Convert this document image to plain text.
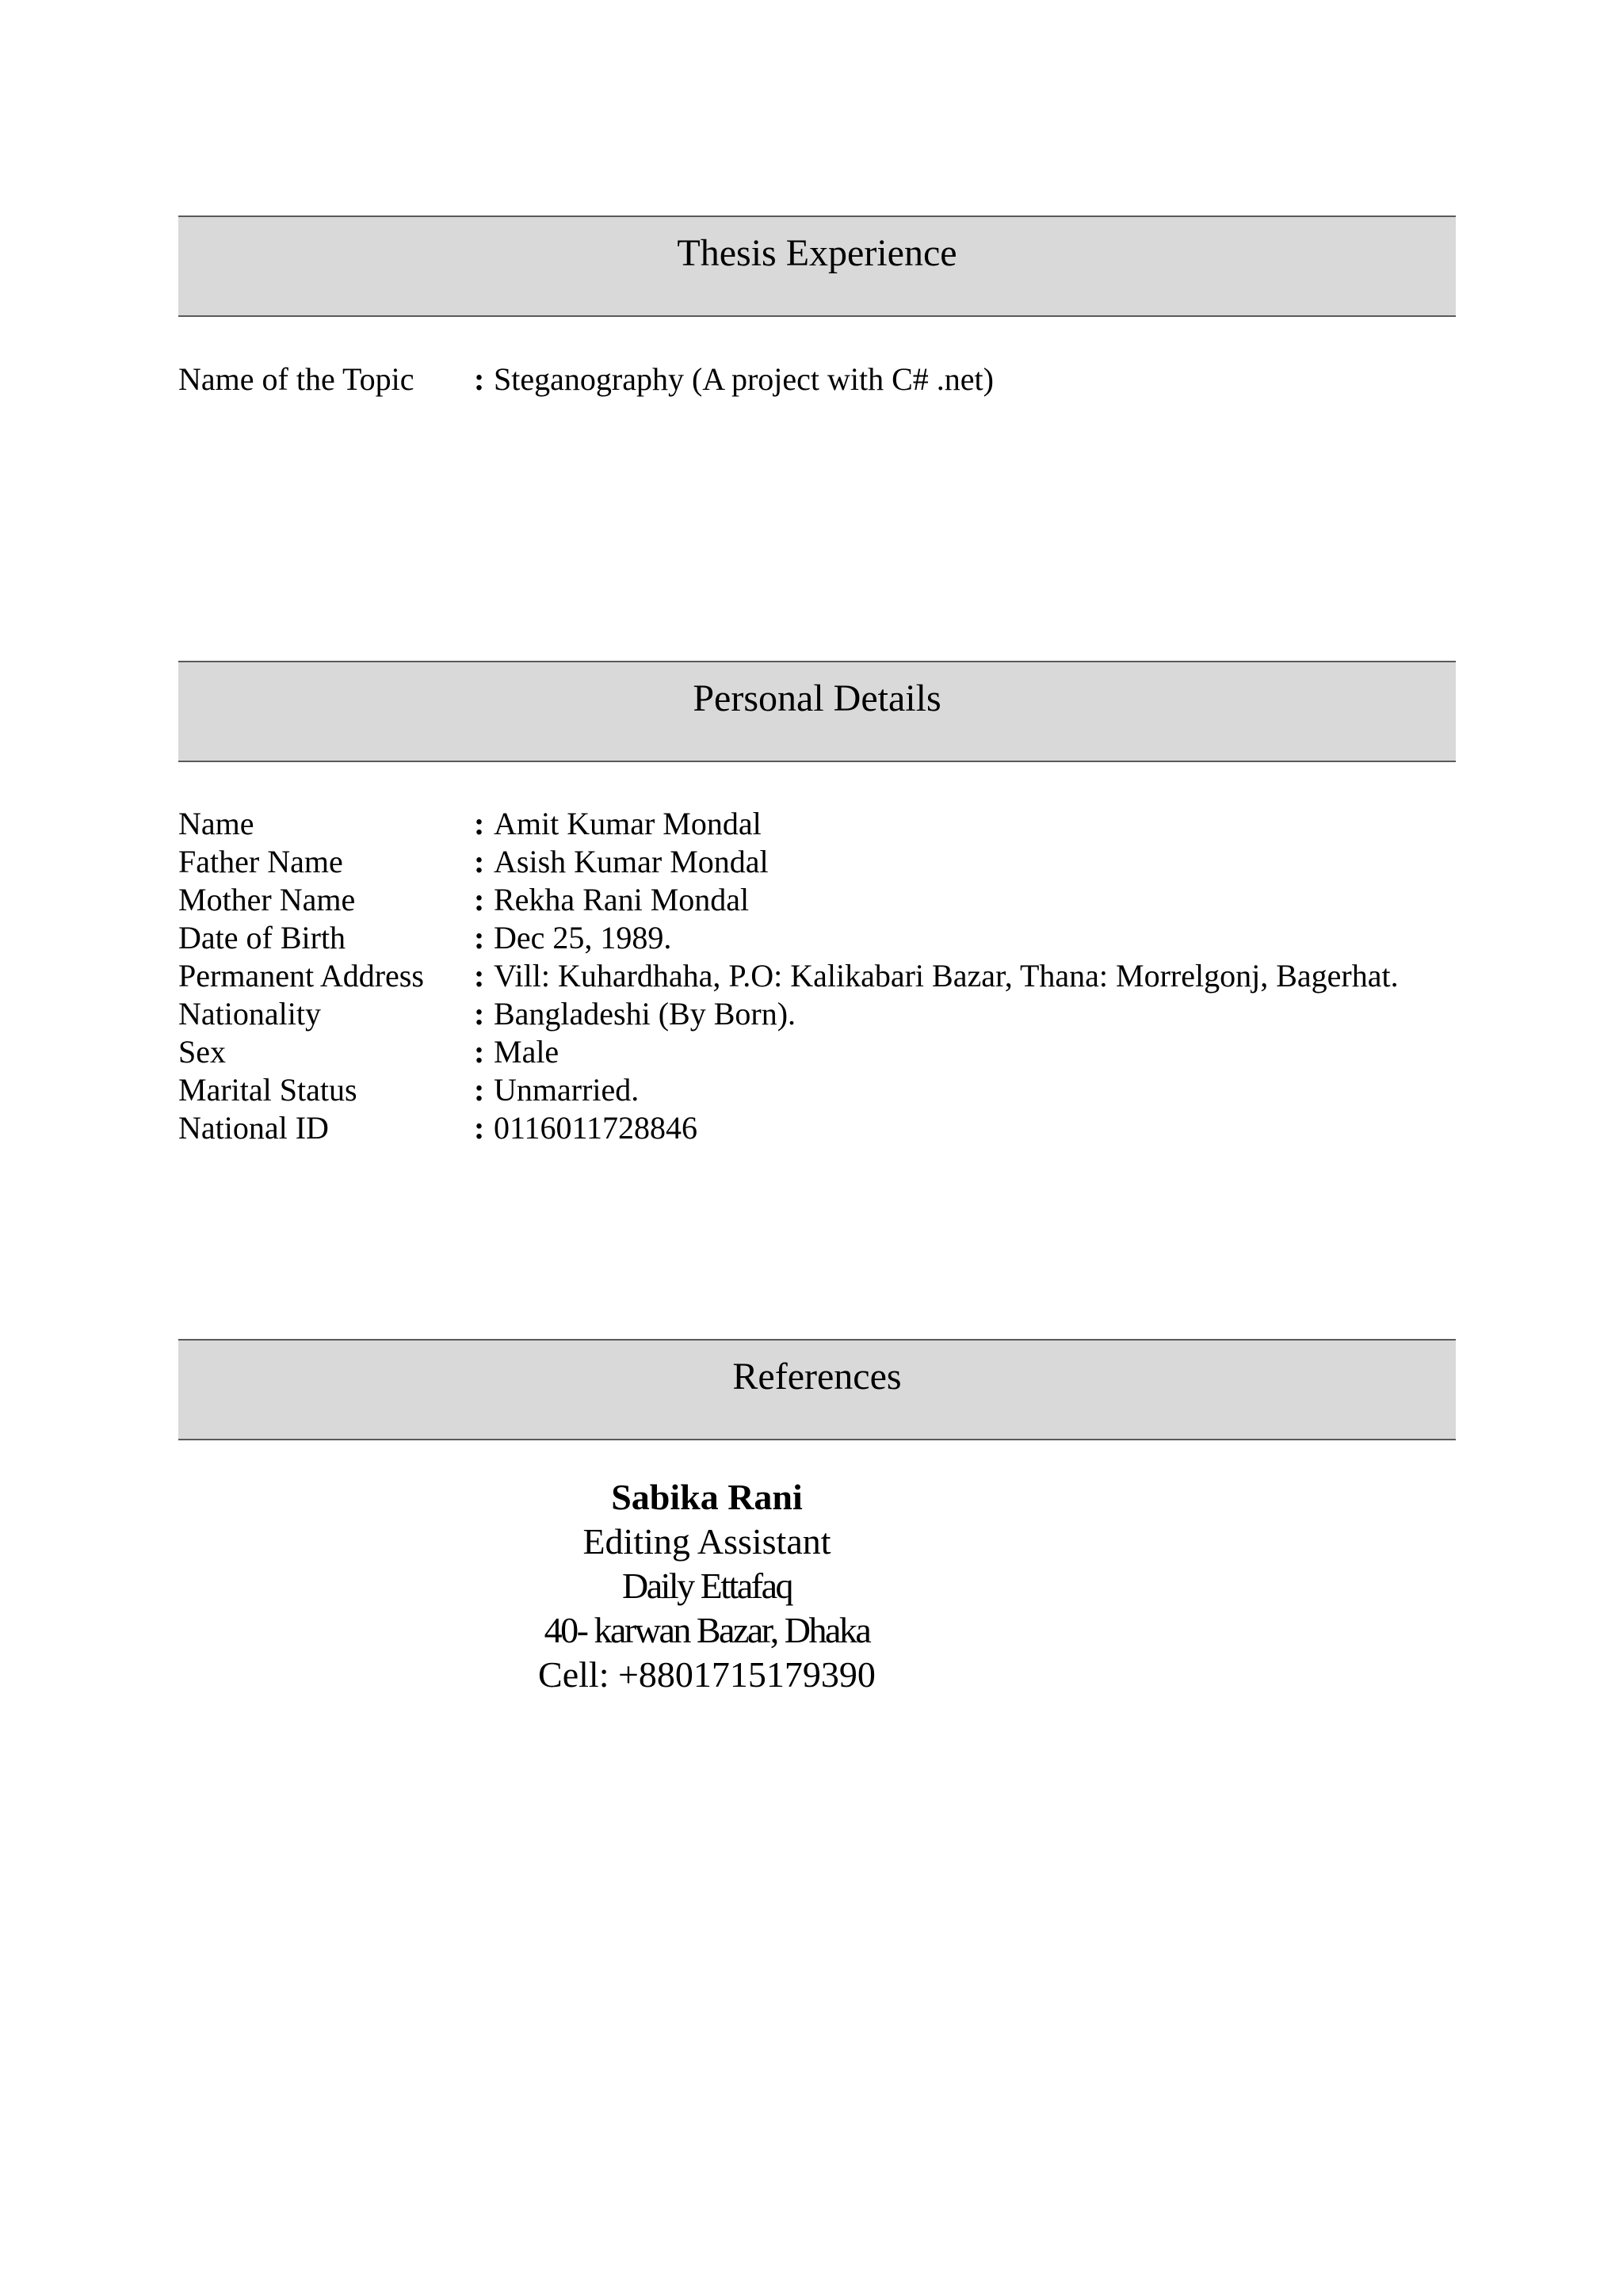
Thesis Experience
Name of the Topic	: Steganography (A project with C# .net)
Personal Details
Name	: Amit Kumar Mondal
Father Name	: Asish Kumar Mondal
Mother Name	: Rekha Rani Mondal
Date of Birth	: Dec 25, 1989.
Permanent Address	: Vill: Kuhardhaha, P.O: Kalikabari Bazar, Thana: Morrelgonj, Bagerhat.
Nationality	: Bangladeshi (By Born).
Sex	: Male
Marital Status	: Unmarried.
National ID	: 0116011728846
References
Sabika Rani
Editing Assistant
Daily Ettafaq
40- karwan Bazar, Dhaka
Cell: +8801715179390
